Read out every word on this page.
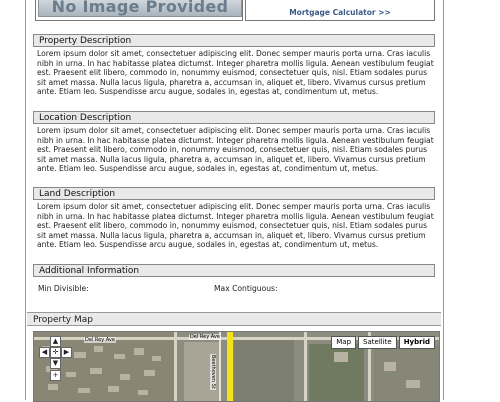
No Image Provided	Mortgage Calculator >>
Property Description
Lorem ipsum dolor sit amet, consectetuer adipiscing elit. Donec semper mauris porta urna. Cras iaculis nibh in urna. In hac habitasse platea dictumst. Integer pharetra mollis ligula. Aenean vestibulum feugiat est. Praesent elit libero, commodo in, nonummy euismod, consectetuer quis, nisl. Etiam sodales purus sit amet massa. Nulla lacus ligula, pharetra a, accumsan in, aliquet et, libero. Vivamus cursus pretium ante. Etiam leo. Suspendisse arcu augue, sodales in, egestas at, condimentum ut, metus.
Location Description
Lorem ipsum dolor sit amet, consectetuer adipiscing elit. Donec semper mauris porta urna. Cras iaculis nibh in urna. In hac habitasse platea dictumst. Integer pharetra mollis ligula. Aenean vestibulum feugiat est. Praesent elit libero, commodo in, nonummy euismod, consectetuer quis, nisl. Etiam sodales purus sit amet massa. Nulla lacus ligula, pharetra a, accumsan in, aliquet et, libero. Vivamus cursus pretium ante. Etiam leo. Suspendisse arcu augue, sodales in, egestas at, condimentum ut, metus.
Land Description
Lorem ipsum dolor sit amet, consectetuer adipiscing elit. Donec semper mauris porta urna. Cras iaculis nibh in urna. In hac habitasse platea dictumst. Integer pharetra mollis ligula. Aenean vestibulum feugiat est. Praesent elit libero, commodo in, nonummy euismod, consectetuer quis, nisl. Etiam sodales purus sit amet massa. Nulla lacus ligula, pharetra a, accumsan in, aliquet et, libero. Vivamus cursus pretium ante. Etiam leo. Suspendisse arcu augue, sodales in, egestas at, condimentum ut, metus.
Additional Information
Min Divisible:	Max Contiguous:
Property Map
▲
◀ ✛ ▶
▼
+
Del Rey Ave	Del Rey Ave
Beethoven St
Map	Satellite	Hybrid
